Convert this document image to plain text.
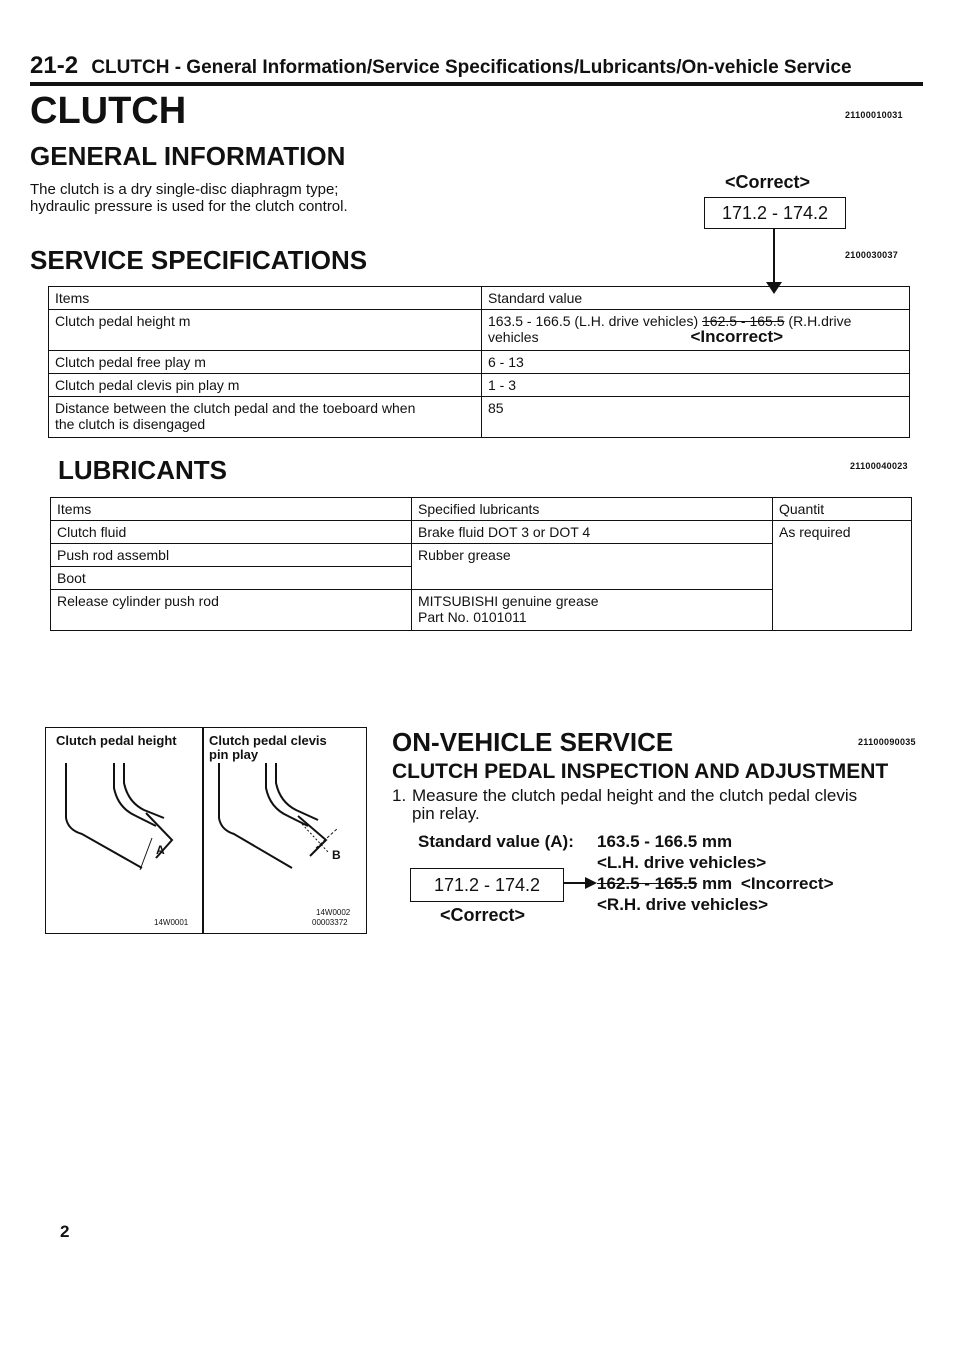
21-2 CLUTCH - General Information/Service Specifications/Lubricants/On-vehicle Service
CLUTCH	21100010031
GENERAL INFORMATION
The clutch is a dry single-disc diaphragm type;
hydraulic pressure is used for the clutch control.
<Correct>
171.2 - 174.2
SERVICE SPECIFICATIONS	2100030037
Items	Standard value
Clutch pedal height m	163.5 - 166.5 (L.H. drive vehicles) 162.5 - 165.5 (R.H.drive
vehicles <Incorrect>
Clutch pedal free play m	6 - 13
Clutch pedal clevis pin play m	1 - 3
Distance between the clutch pedal and the toeboard when
the clutch is disengaged	85
LUBRICANTS	21100040023
Items	Specified lubricants	Quantit
Clutch fluid	Brake fluid DOT 3 or DOT 4	As required
Push rod assembl	Rubber grease	
Boot		
Release cylinder push rod	MITSUBISHI genuine grease
Part No. 0101011	
Clutch pedal height Clutch pedal clevis
pin play
A	B
14W0001
14W0002
00003372
ON-VEHICLE SERVICE	21100090035
CLUTCH PEDAL INSPECTION AND ADJUSTMENT
1. Measure the clutch pedal height and the clutch pedal clevis
pin relay.
Standard value (A): 163.5 - 166.5 mm
<L.H. drive vehicles>
171.2 - 174.2	162.5 - 165.5 mm <Incorrect>
<R.H. drive vehicles>
<Correct>
2
